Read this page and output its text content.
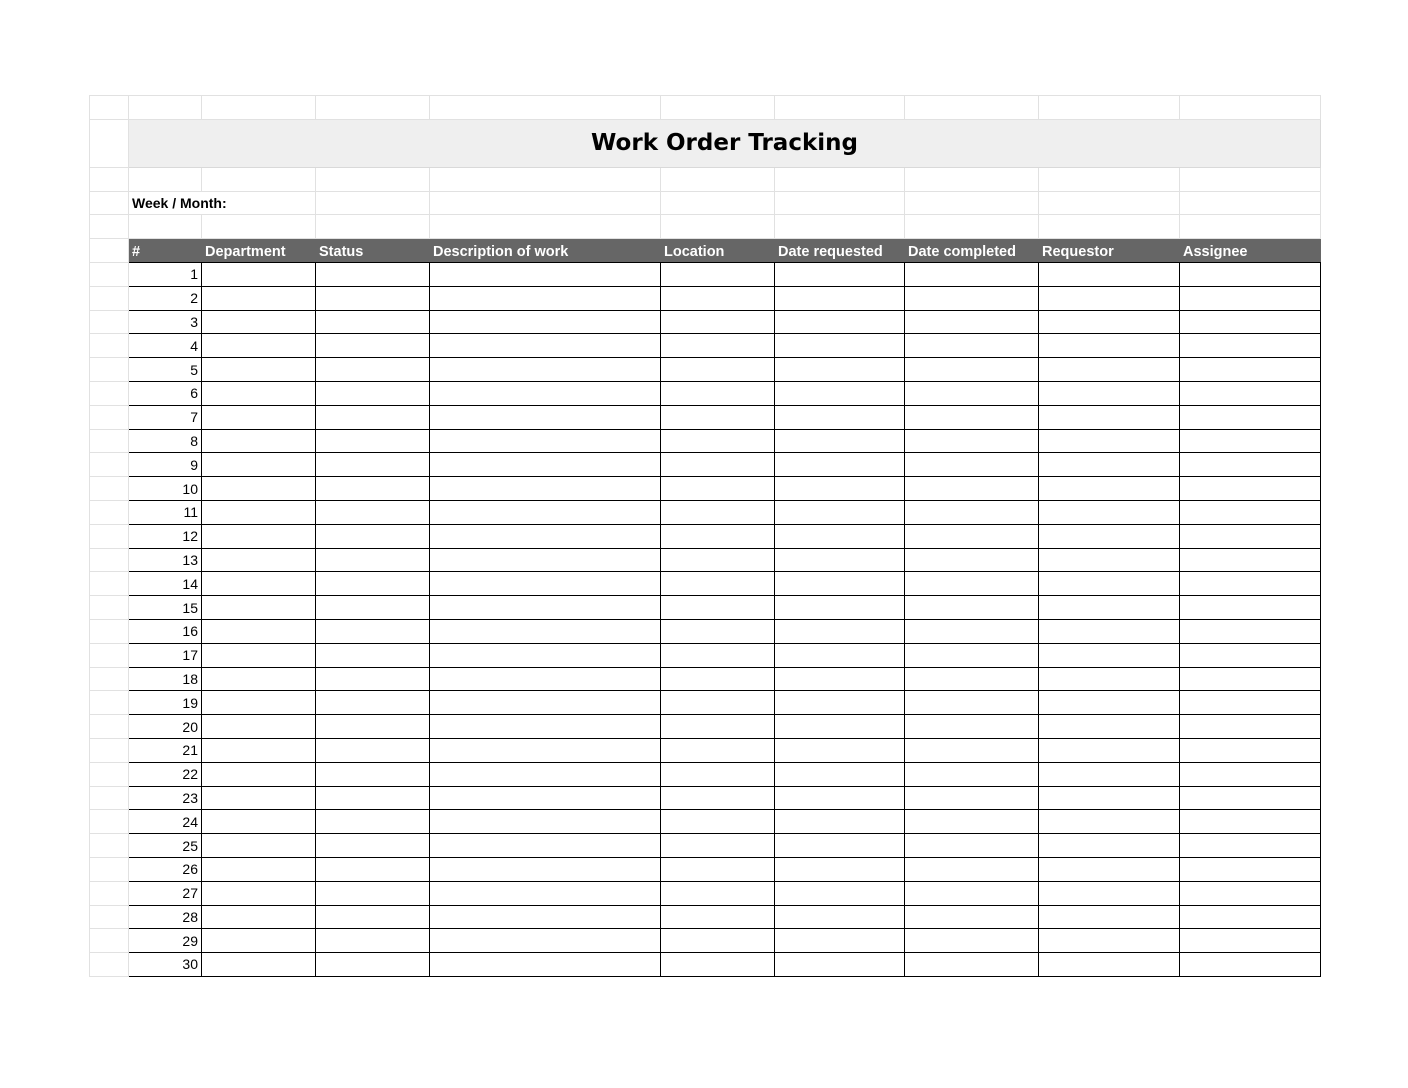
	Work Order Tracking								

	Week / Month:								

	#	Department	Status	Description of work	Location	Date requested	Date completed	Requestor	Assignee
	1								
	2								
	3								
	4								
	5								
	6								
	7								
	8								
	9								
	10								
	11								
	12								
	13								
	14								
	15								
	16								
	17								
	18								
	19								
	20								
	21								
	22								
	23								
	24								
	25								
	26								
	27								
	28								
	29								
	30								
